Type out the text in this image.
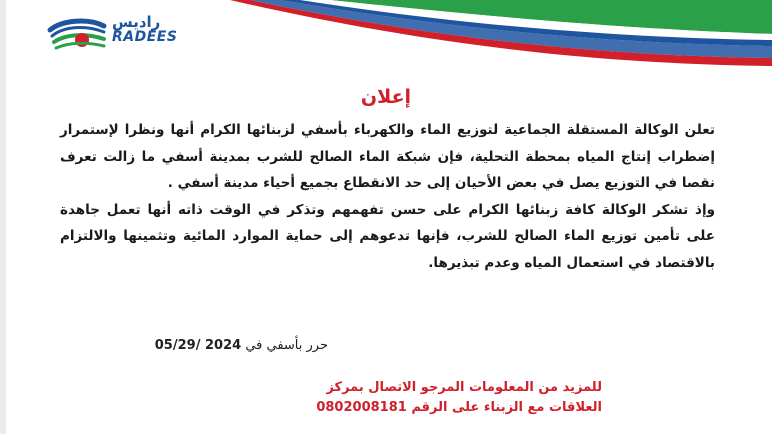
راديس
RADEES
إعلان

تعلن الوكالة المستقلة الجماعية لتوزيع الماء والكهرباء بأسفي لزبنائها الكرام أنها ونظرا لإستمرار إضطراب إنتاج المياه بمحطة التحلية، فإن شبكة الماء الصالح للشرب بمدينة أسفي ما زالت تعرف نقصا في التوزيع يصل في بعض الأحيان إلى حد الانقطاع بجميع أحياء مدينة أسفي .

وإذ تشكر الوكالة كافة زبنائها الكرام على حسن تفهمهم وتذكر في الوقت ذاته أنها تعمل جاهدة على تأمين توزيع الماء الصالح للشرب، فإنها تدعوهم إلى حماية الموارد المائية وتثمينها والالتزام بالاقتصاد في استعمال المياه وعدم تبذيرها.

حرر بأسفي في 2024 /05/29

للمزيد من المعلومات المرجو الاتصال بمركز

العلاقات مع الزبناء على الرقم 0802008181
